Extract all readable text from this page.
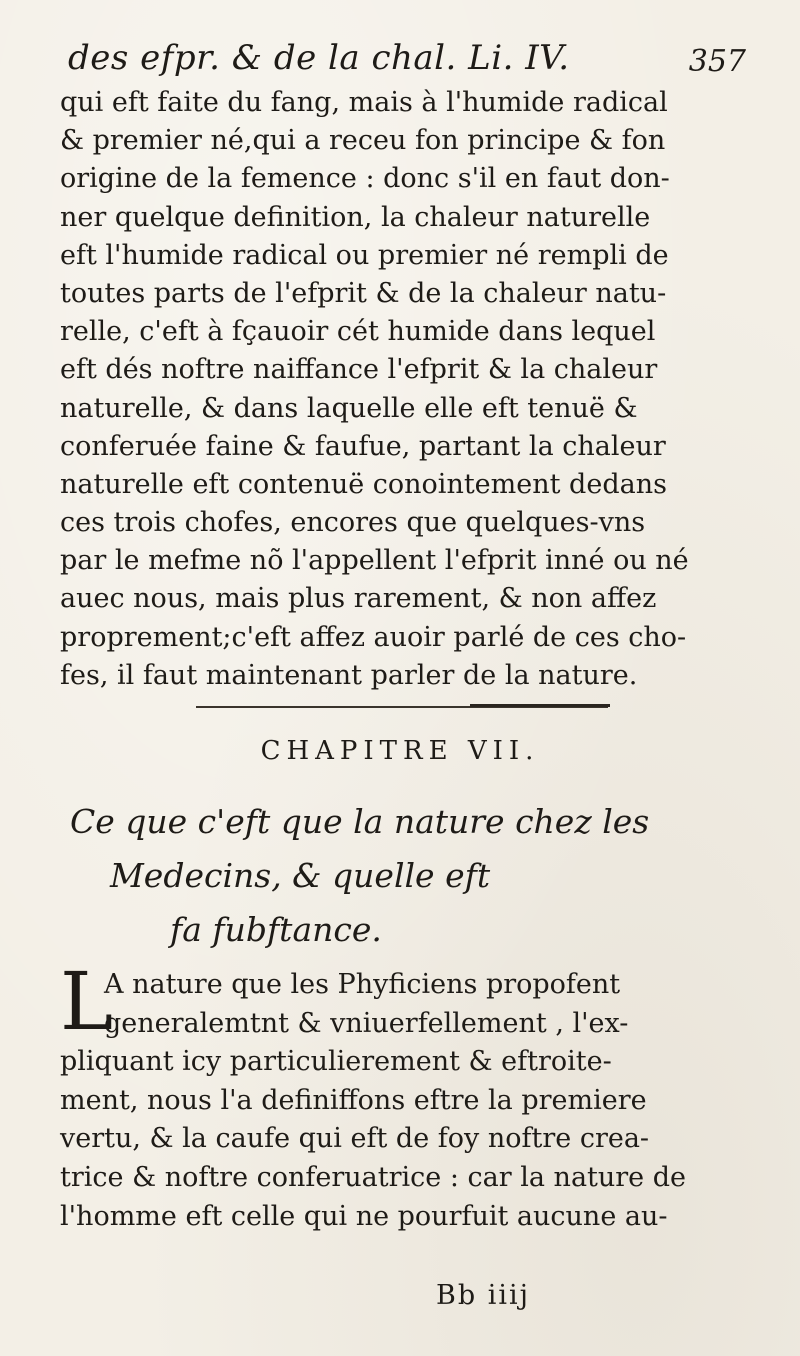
des efpr. & de la chal. Li. IV.	357
qui eft faite du fang, mais à l'humide radical
& premier né,qui a receu fon principe & fon
origine de la femence : donc s'il en faut don-
ner quelque definition, la chaleur naturelle
eft l'humide radical ou premier né rempli de
toutes parts de l'efprit & de la chaleur natu-
relle, c'eft à fçauoir cét humide dans lequel
eft dés noftre naiffance l'efprit & la chaleur
naturelle, & dans laquelle elle eft tenuë &
conferuée faine & faufue, partant la chaleur
naturelle eft contenuë conointement dedans
ces trois chofes, encores que quelques-vns
par le mefme nõ l'appellent l'efprit inné ou né
auec nous, mais plus rarement, & non affez
proprement;c'eft affez auoir parlé de ces cho-
fes, il faut maintenant parler de la nature.
CHAPITRE VII.
Ce que c'eft que la nature chez les
Medecins, & quelle eft
fa fubftance.
L
A nature que les Phyficiens propofent
generalemtnt & vniuerfellement , l'ex-
pliquant icy particulierement & eftroite-
ment, nous l'a definiffons eftre la premiere
vertu, & la caufe qui eft de foy noftre crea-
trice & noftre conferuatrice : car la nature de
l'homme eft celle qui ne pourfuit aucune au-
Bb iiij
